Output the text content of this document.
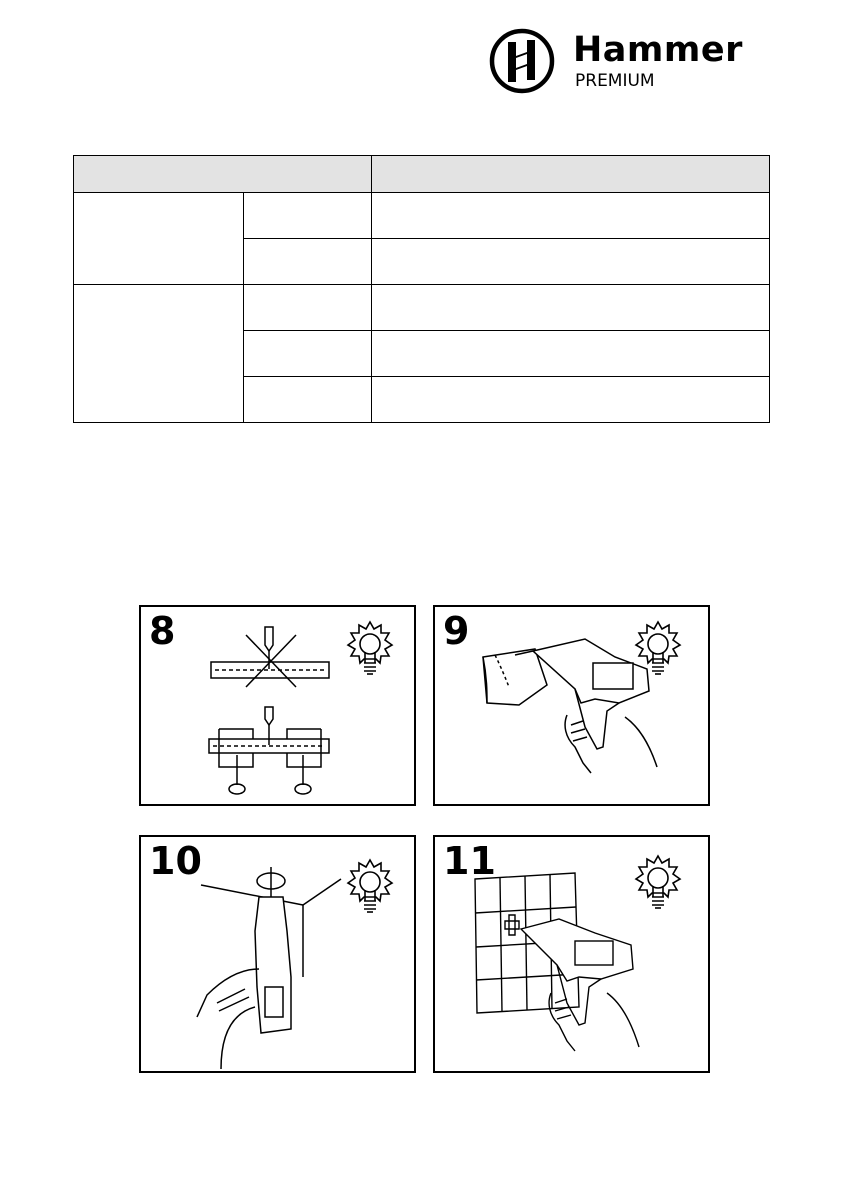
Hammer
PREMIUM

8	9
10	11
